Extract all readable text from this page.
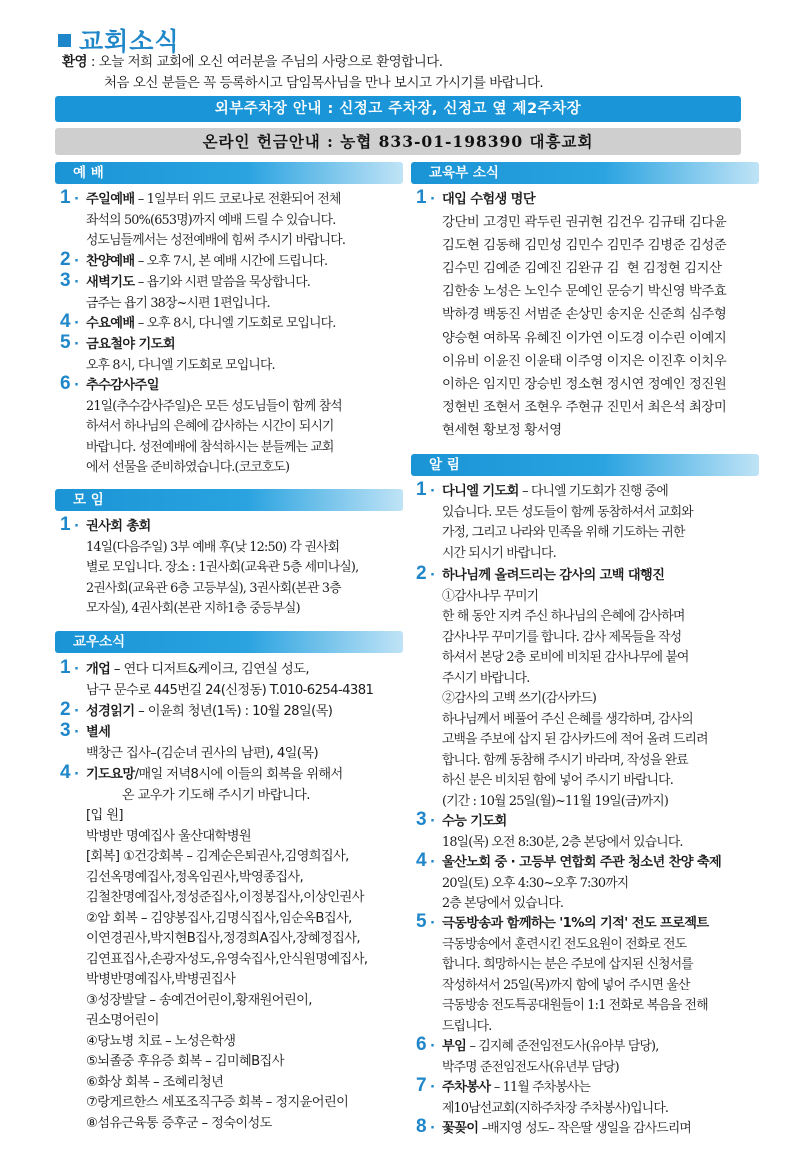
교회소식
환영 : 오늘 저희 교회에 오신 여러분을 주님의 사랑으로 환영합니다.
처음 오신 분들은 꼭 등록하시고 담임목사님을 만나 보시고 가시기를 바랍니다.
외부주차장 안내 : 신정고 주차장, 신정고 옆 제2주차장
온라인 헌금안내 : 농협 833-01-198390 대흥교회
예 배
1 · 주일예배 – 1일부터 위드 코로나로 전환되어 전체
좌석의 50%(653명)까지 예배 드릴 수 있습니다.
성도님들께서는 성전예배에 힘써 주시기 바랍니다.
2 · 찬양예배 – 오후 7시, 본 예배 시간에 드립니다.
3 · 새벽기도 – 욥기와 시편 말씀을 묵상합니다.
금주는 욥기 38장~시편 1편입니다.
4 · 수요예배 – 오후 8시, 다니엘 기도회로 모입니다.
5 · 금요철야 기도회
오후 8시, 다니엘 기도회로 모입니다.
6 · 추수감사주일
21일(추수감사주일)은 모든 성도님들이 함께 참석
하셔서 하나님의 은혜에 감사하는 시간이 되시기
바랍니다. 성전예배에 참석하시는 분들께는 교회
에서 선물을 준비하였습니다.(코코호도)
모 임
1 · 권사회 총회
14일(다음주일) 3부 예배 후(낮 12:50) 각 권사회
별로 모입니다. 장소 : 1권사회(교육관 5층 세미나실),
2권사회(교육관 6층 고등부실), 3권사회(본관 3층
모자실), 4권사회(본관 지하1층 중등부실)
교우소식
1 · 개업 – 연다 디저트&케이크, 김연실 성도,
남구 문수로 445번길 24(신정동) T.010-6254-4381
2 · 성경읽기 – 이윤희 청년(1독) : 10월 28일(목)
3 · 별세
백창근 집사–(김순녀 권사의 남편), 4일(목)
4 · 기도요망/매일 저녁8시에 이들의 회복을 위해서
온 교우가 기도해 주시기 바랍니다.
[입 원]
박병반 명예집사 울산대학병원
[회복] ①건강회복 – 김계순은퇴권사,김영희집사,
김선옥명예집사,정옥임권사,박영종집사,
김철찬명예집사,정성준집사,이정봉집사,이상인권사
②암 회복 – 김양봉집사,김명식집사,임순옥B집사,
이연경권사,박지현B집사,정경희A집사,장혜정집사,
김연표집사,손광자성도,유영숙집사,안식원명예집사,
박병반명예집사,박병권집사
③성장발달 – 송예건어린이,황재원어린이,
권소명어린이
④당뇨병 치료 – 노성은학생
⑤뇌졸중 후유증 회복 – 김미혜B집사
⑥화상 회복 – 조혜리청년
⑦랑게르한스 세포조직구증 회복 – 정지윤어린이
⑧섬유근육통 증후군 – 정숙이성도
교육부 소식
1 · 대입 수험생 명단
강단비 고경민 곽두린 권귀현 김건우 김규태 김다윤
김도현 김동해 김민성 김민수 김민주 김병준 김성준
김수민 김예준 김예진 김완규 김  현 김정현 김지산
김한송 노성은 노인수 문예인 문승기 박신영 박주효
박하경 백동진 서범준 손상민 송지운 신준희 심주형
양승현 여하목 유혜진 이가연 이도경 이수린 이예지
이유비 이윤진 이윤태 이주영 이지은 이진후 이치우
이하은 임지민 장승빈 정소현 정시연 정예인 정진원
정현빈 조현서 조현우 주현규 진민서 최은석 최장미
현세현 황보정 황서영
알 림
1 · 다니엘 기도회 – 다니엘 기도회가 진행 중에
있습니다. 모든 성도들이 함께 동참하셔서 교회와
가정, 그리고 나라와 민족을 위해 기도하는 귀한
시간 되시기 바랍니다.
2 · 하나님께 올려드리는 감사의 고백 대행진
①감사나무 꾸미기
한 해 동안 지켜 주신 하나님의 은혜에 감사하며
감사나무 꾸미기를 합니다. 감사 제목들을 작성
하셔서 본당 2층 로비에 비치된 감사나무에 붙여
주시기 바랍니다.
②감사의 고백 쓰기(감사카드)
하나님께서 베풀어 주신 은혜를 생각하며, 감사의
고백을 주보에 삽지 된 감사카드에 적어 올려 드리려
합니다. 함께 동참해 주시기 바라며, 작성을 완료
하신 분은 비치된 함에 넣어 주시기 바랍니다.
(기간 : 10월 25일(월)~11월 19일(금)까지)
3 · 수능 기도회
18일(목) 오전 8:30분, 2층 본당에서 있습니다.
4 · 울산노회 중 · 고등부 연합회 주관 청소년 찬양 축제
20일(토) 오후 4:30~오후 7:30까지
2층 본당에서 있습니다.
5 · 극동방송과 함께하는 '1%의 기적' 전도 프로젝트
극동방송에서 훈련시킨 전도요원이 전화로 전도
합니다. 희망하시는 분은 주보에 삽지된 신청서를
작성하셔서 25일(목)까지 함에 넣어 주시면 울산
극동방송 전도특공대원들이 1:1 전화로 복음을 전해
드립니다.
6 · 부임 – 김지혜 준전임전도사(유아부 담당),
박주명 준전임전도사(유년부 담당)
7 · 주차봉사 – 11월 주차봉사는
제10남선교회(지하주차장 주차봉사)입니다.
8 · 꽃꽂이 –배지영 성도– 작은딸 생일을 감사드리며
